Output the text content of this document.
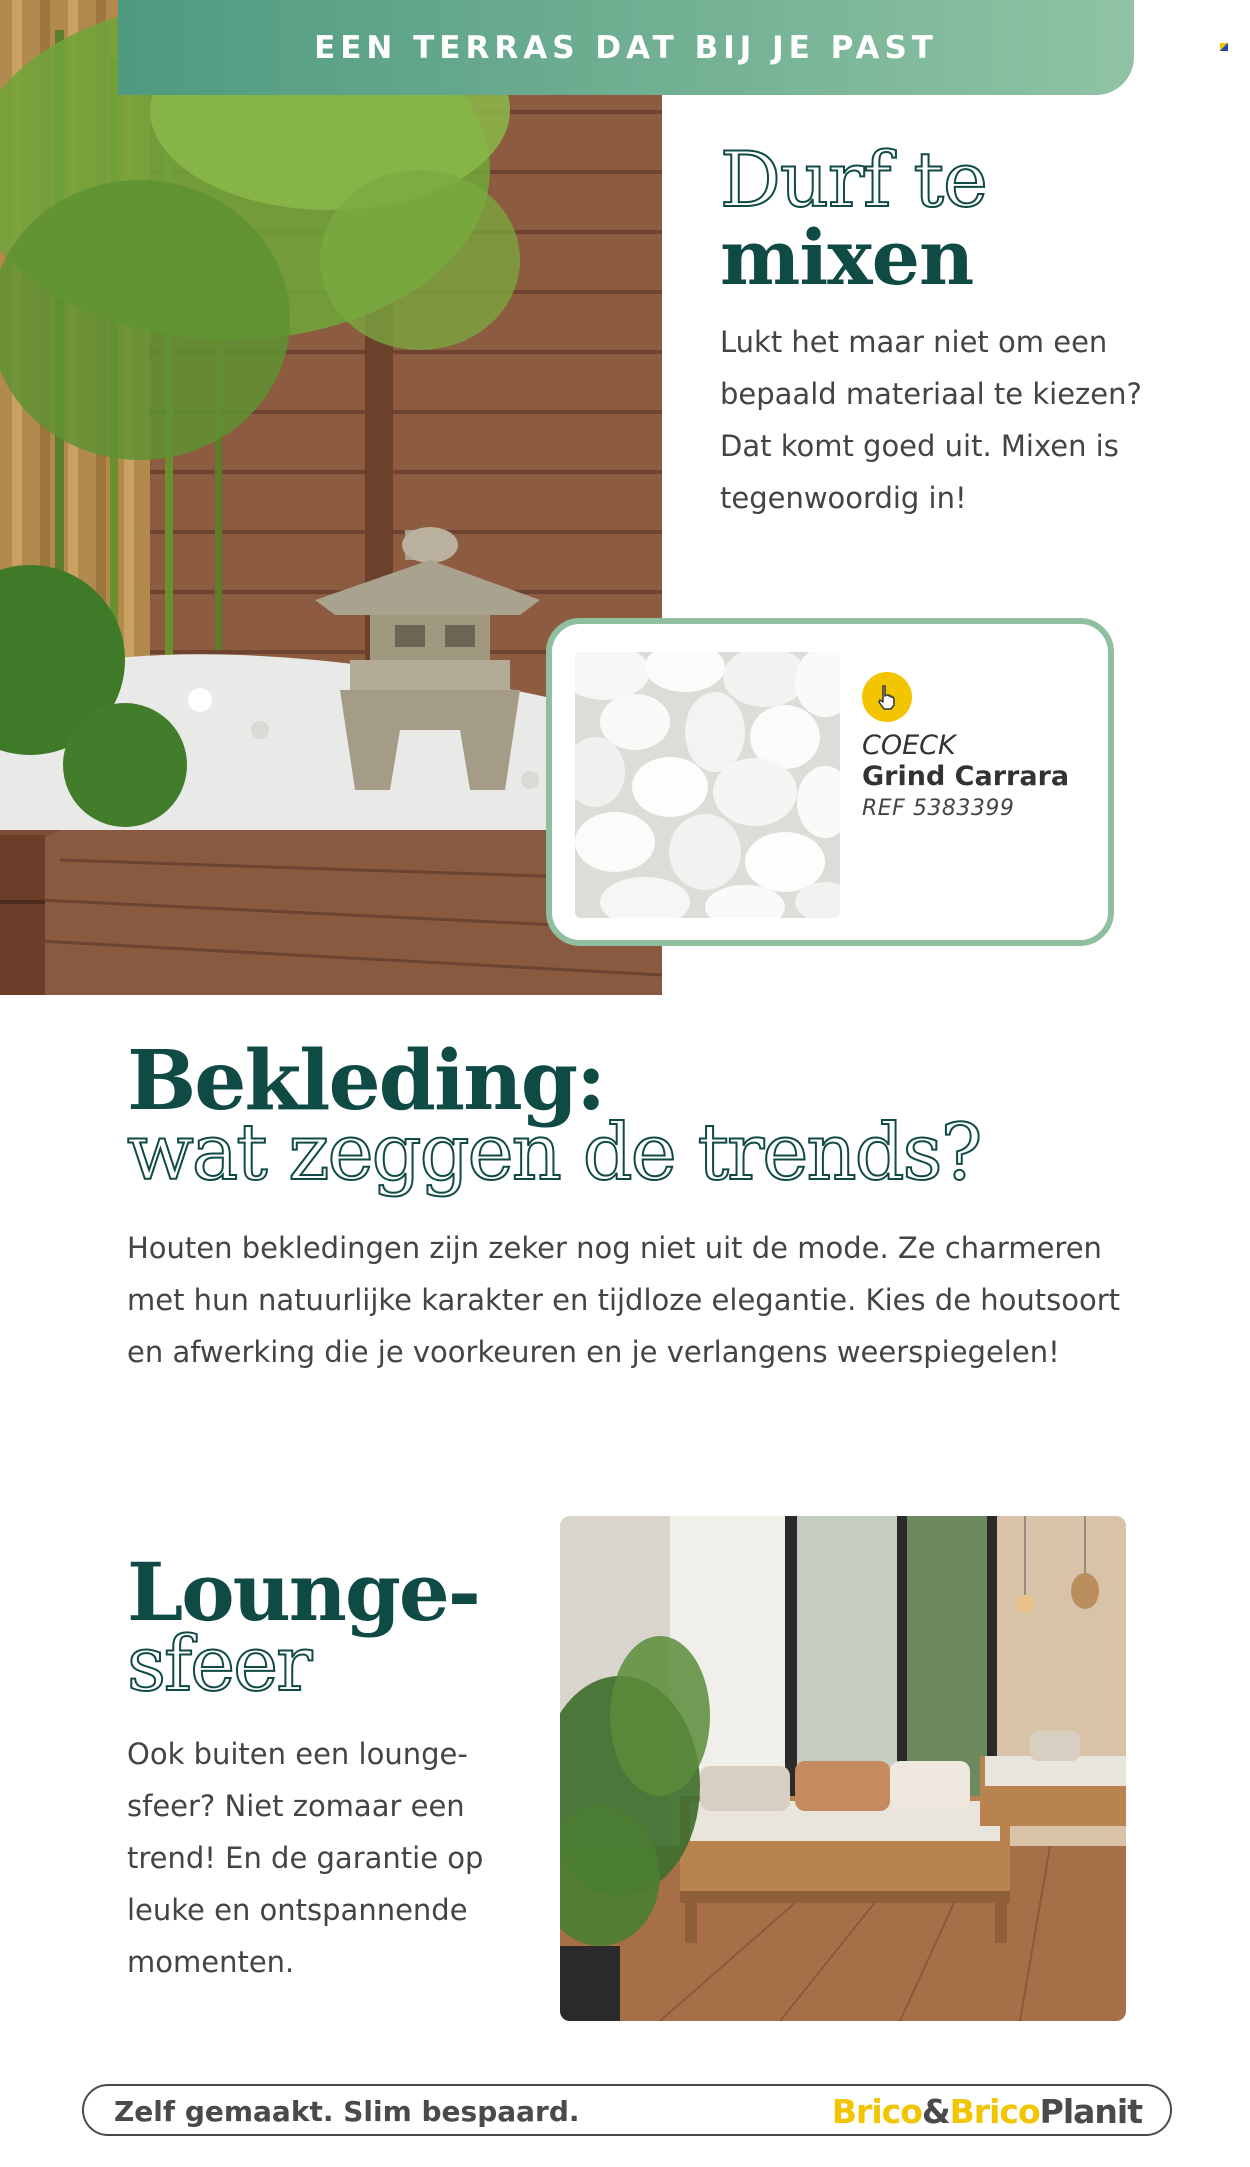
EEN TERRAS DAT BIJ JE PAST
Durf te
mixen

Lukt het maar niet om een bepaald materiaal te kiezen? Dat komt goed uit. Mixen is tegenwoordig in!

COECK
Grind Carrara
REF 5383399
Bekleding:
wat zeggen de trends?

Houten bekledingen zijn zeker nog niet uit de mode. Ze charmeren met hun natuurlijke karakter en tijdloze elegantie. Kies de houtsoort en afwerking die je voorkeuren en je verlangens weerspiegelen!

Lounge-
sfeer

Ook buiten een lounge-sfeer? Niet zomaar een trend! En de garantie op leuke en ontspannende momenten.

Zelf gemaakt. Slim bespaard.	Brico&BricoPlanit
